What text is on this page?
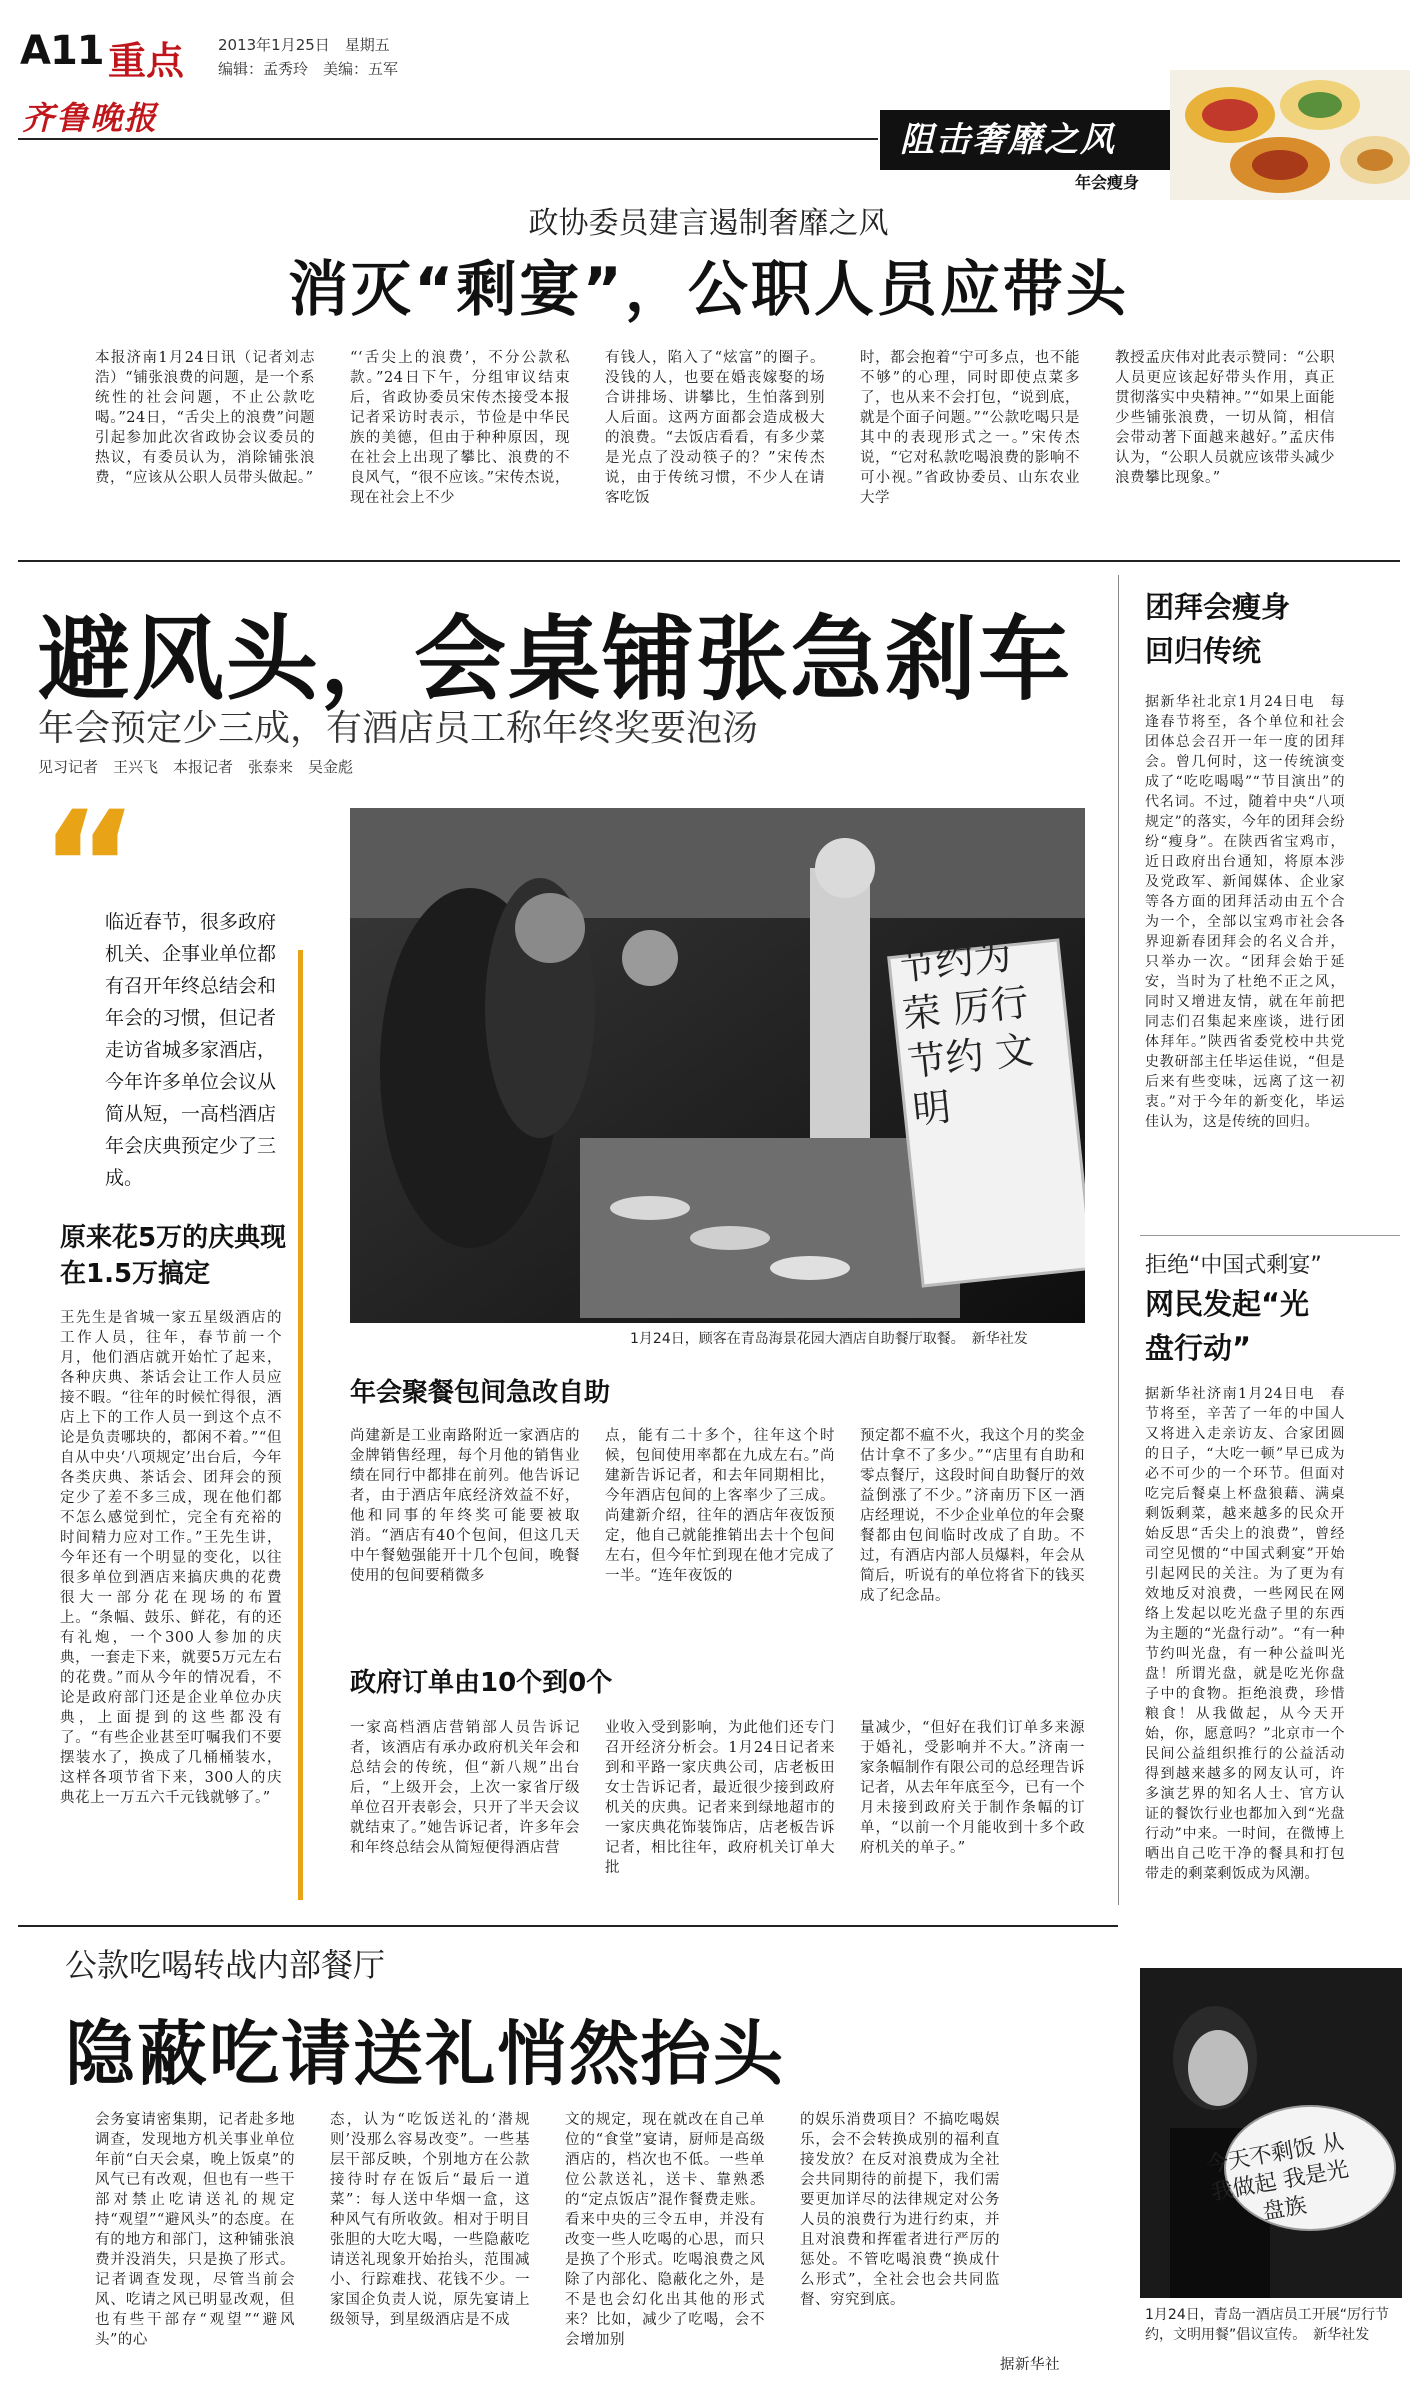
A11 重点 2013年1月25日　星期五
编辑：孟秀玲　美编：五军
齐鲁晚报
阻击奢靡之风
年会瘦身
政协委员建言遏制奢靡之风
消灭“剩宴”，公职人员应带头
本报济南1月24日讯（记者刘志浩）“铺张浪费的问题，是一个系统性的社会问题，不止公款吃喝。”24日，“舌尖上的浪费”问题引起参加此次省政协会议委员的热议，有委员认为，消除铺张浪费，“应该从公职人员带头做起。”
“‘舌尖上的浪费’，不分公款私款。”24日下午，分组审议结束后，省政协委员宋传杰接受本报记者采访时表示，节俭是中华民族的美德，但由于种种原因，现在社会上出现了攀比、浪费的不良风气，“很不应该。”宋传杰说，现在社会上不少
有钱人，陷入了“炫富”的圈子。没钱的人，也要在婚丧嫁娶的场合讲排场、讲攀比，生怕落到别人后面。这两方面都会造成极大的浪费。“去饭店看看，有多少菜是光点了没动筷子的？”宋传杰说，由于传统习惯，不少人在请客吃饭
时，都会抱着“宁可多点，也不能不够”的心理，同时即使点菜多了，也从来不会打包，“说到底，就是个面子问题。”“公款吃喝只是其中的表现形式之一。”宋传杰说，“它对私款吃喝浪费的影响不可小视。”省政协委员、山东农业大学
教授孟庆伟对此表示赞同：“公职人员更应该起好带头作用，真正贯彻落实中央精神。”“如果上面能少些铺张浪费，一切从简，相信会带动著下面越来越好。”孟庆伟认为，“公职人员就应该带头减少浪费攀比现象。”
避风头，会桌铺张急刹车
年会预定少三成，有酒店员工称年终奖要泡汤
见习记者　王兴飞　本报记者　张泰来　吴金彪
“
临近春节，很多政府机关、企事业单位都有召开年终总结会和年会的习惯，但记者走访省城多家酒店，今年许多单位会议从简从短，一高档酒店年会庆典预定少了三成。
原来花5万的庆典现在1.5万搞定
王先生是省城一家五星级酒店的工作人员，往年，春节前一个月，他们酒店就开始忙了起来，各种庆典、茶话会让工作人员应接不暇。“往年的时候忙得很，酒店上下的工作人员一到这个点不论是负责哪块的，都闲不着。”“但自从中央‘八项规定’出台后，今年各类庆典、茶话会、团拜会的预定少了差不多三成，现在他们都不怎么感觉到忙，完全有充裕的时间精力应对工作。”王先生讲，今年还有一个明显的变化，以往很多单位到酒店来搞庆典的花费很大一部分花在现场的布置上。“条幅、鼓乐、鲜花，有的还有礼炮，一个300人参加的庆典，一套走下来，就要5万元左右的花费。”而从今年的情况看，不论是政府部门还是企业单位办庆典，上面提到的这些都没有了。“有些企业甚至叮嘱我们不要摆装水了，换成了几桶桶装水，这样各项节省下来，300人的庆典花上一万五六千元钱就够了。”
节约为荣 厉行节约 文明
1月24日，顾客在青岛海景花园大酒店自助餐厅取餐。　新华社发
年会聚餐包间急改自助
尚建新是工业南路附近一家酒店的金牌销售经理，每个月他的销售业绩在同行中都排在前列。他告诉记者，由于酒店年底经济效益不好，他和同事的年终奖可能要被取消。“酒店有40个包间，但这几天中午餐勉强能开十几个包间，晚餐使用的包间要稍微多
点，能有二十多个，往年这个时候，包间使用率都在九成左右。”尚建新告诉记者，和去年同期相比，今年酒店包间的上客率少了三成。尚建新介绍，往年的酒店年夜饭预定，他自己就能推销出去十个包间左右，但今年忙到现在他才完成了一半。“连年夜饭的
预定都不瘟不火，我这个月的奖金估计拿不了多少。”“店里有自助和零点餐厅，这段时间自助餐厅的效益倒涨了不少。”济南历下区一酒店经理说，不少企业单位的年会聚餐都由包间临时改成了自助。不过，有酒店内部人员爆料，年会从简后，听说有的单位将省下的钱买成了纪念品。
政府订单由10个到0个
一家高档酒店营销部人员告诉记者，该酒店有承办政府机关年会和总结会的传统，但“新八规”出台后，“上级开会，上次一家省厅级单位召开表彰会，只开了半天会议就结束了。”她告诉记者，许多年会和年终总结会从简短便得酒店营
业收入受到影响，为此他们还专门召开经济分析会。1月24日记者来到和平路一家庆典公司，店老板田女士告诉记者，最近很少接到政府机关的庆典。记者来到绿地超市的一家庆典花饰装饰店，店老板告诉记者，相比往年，政府机关订单大批
量减少，“但好在我们订单多来源于婚礼，受影响并不大。”济南一家条幅制作有限公司的总经理告诉记者，从去年年底至今，已有一个月未接到政府关于制作条幅的订单，“以前一个月能收到十多个政府机关的单子。”
团拜会瘦身回归传统
据新华社北京1月24日电　每逢春节将至，各个单位和社会团体总会召开一年一度的团拜会。曾几何时，这一传统演变成了“吃吃喝喝”“节目演出”的代名词。不过，随着中央“八项规定”的落实，今年的团拜会纷纷“瘦身”。在陕西省宝鸡市，近日政府出台通知，将原本涉及党政军、新闻媒体、企业家等各方面的团拜活动由五个合为一个，全部以宝鸡市社会各界迎新春团拜会的名义合并，只举办一次。“团拜会始于延安，当时为了杜绝不正之风，同时又增进友情，就在年前把同志们召集起来座谈，进行团体拜年。”陕西省委党校中共党史教研部主任毕运佳说，“但是后来有些变味，远离了这一初衷。”对于今年的新变化，毕运佳认为，这是传统的回归。
拒绝“中国式剩宴”
网民发起“光盘行动”
据新华社济南1月24日电　春节将至，辛苦了一年的中国人又将进入走亲访友、合家团圆的日子，“大吃一顿”早已成为必不可少的一个环节。但面对吃完后餐桌上杯盘狼藉、满桌剩饭剩菜，越来越多的民众开始反思“舌尖上的浪费”，曾经司空见惯的“中国式剩宴”开始引起网民的关注。为了更为有效地反对浪费，一些网民在网络上发起以吃光盘子里的东西为主题的“光盘行动”。“有一种节约叫光盘，有一种公益叫光盘！所谓光盘，就是吃光你盘子中的食物。拒绝浪费，珍惜粮食！从我做起，从今天开始，你，愿意吗？”北京市一个民间公益组织推行的公益活动得到越来越多的网友认可，许多演艺界的知名人士、官方认证的餐饮行业也都加入到“光盘行动”中来。一时间，在微博上晒出自己吃干净的餐具和打包带走的剩菜剩饭成为风潮。
公款吃喝转战内部餐厅
隐蔽吃请送礼悄然抬头
会务宴请密集期，记者赴多地调查，发现地方机关事业单位年前“白天会桌，晚上饭桌”的风气已有改观，但也有一些干部对禁止吃请送礼的规定持“观望”“避风头”的态度。在有的地方和部门，这种铺张浪费并没消失，只是换了形式。记者调查发现，尽管当前会风、吃请之风已明显改观，但也有些干部存“观望”“避风头”的心
态，认为“吃饭送礼的‘潜规则’没那么容易改变”。一些基层干部反映，个别地方在公款接待时存在饭后“最后一道菜”：每人送中华烟一盒，这种风气有所收敛。相对于明目张胆的大吃大喝，一些隐蔽吃请送礼现象开始抬头，范围减小、行踪难找、花钱不少。一家国企负责人说，原先宴请上级领导，到星级酒店是不成
文的规定，现在就改在自己单位的“食堂”宴请，厨师是高级酒店的，档次也不低。一些单位公款送礼，送卡、靠熟悉的“定点饭店”混作餐费走账。看来中央的三令五申，并没有改变一些人吃喝的心思，而只是换了个形式。吃喝浪费之风除了内部化、隐蔽化之外，是不是也会幻化出其他的形式来？比如，减少了吃喝，会不会增加别
的娱乐消费项目？不搞吃喝娱乐，会不会转换成别的福利直接发放？在反对浪费成为全社会共同期待的前提下，我们需要更加详尽的法律规定对公务人员的浪费行为进行约束，并且对浪费和挥霍者进行严厉的惩处。不管吃喝浪费“换成什么形式”，全社会也会共同监督、穷究到底。
据新华社
今天不剩饭 从我做起 我是光盘族
1月24日，青岛一酒店员工开展“厉行节约，文明用餐”倡议宣传。　新华社发
